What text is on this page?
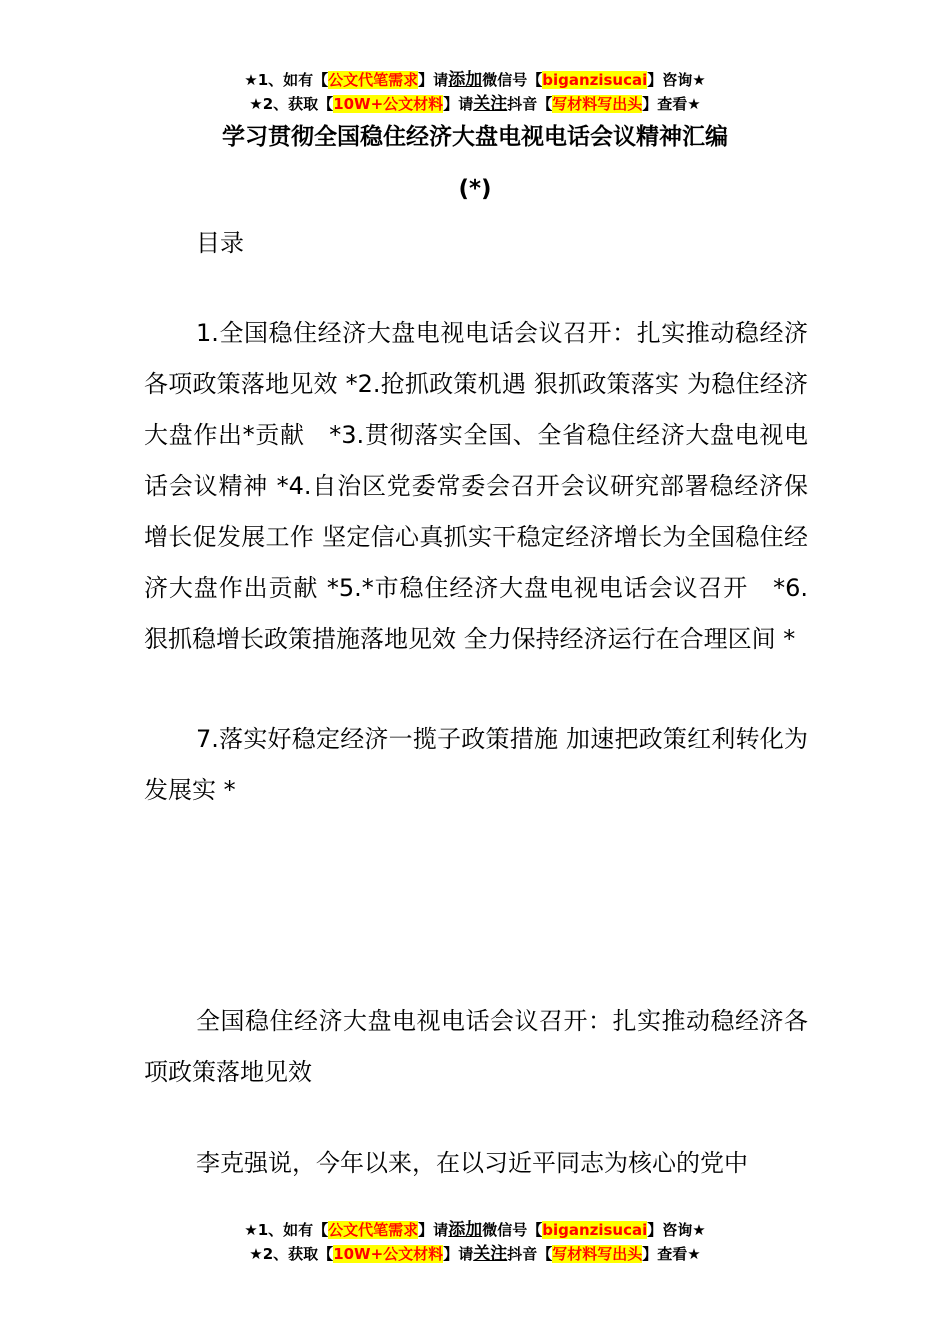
★1、如有【公文代笔需求】请添加微信号【biganzisucai】咨询★
★2、获取【10W+公文材料】请关注抖音【写材料写出头】查看★
学习贯彻全国稳住经济大盘电视电话会议精神汇编
(*)
目录
1.全国稳住经济大盘电视电话会议召开：扎实推动稳经济各项政策落地见效 *2.抢抓政策机遇 狠抓政策落实 为稳住经济大盘作出*贡献　*3.贯彻落实全国、全省稳住经济大盘电视电话会议精神 *4.自治区党委常委会召开会议研究部署稳经济保增长促发展工作 坚定信心真抓实干稳定经济增长为全国稳住经济大盘作出贡献 *5.*市稳住经济大盘电视电话会议召开　*6.狠抓稳增长政策措施落地见效 全力保持经济运行在合理区间 *
7.落实好稳定经济一揽子政策措施 加速把政策红利转化为发展实 *
全国稳住经济大盘电视电话会议召开：扎实推动稳经济各项政策落地见效
李克强说，今年以来，在以习近平同志为核心的党中
★1、如有【公文代笔需求】请添加微信号【biganzisucai】咨询★
★2、获取【10W+公文材料】请关注抖音【写材料写出头】查看★
